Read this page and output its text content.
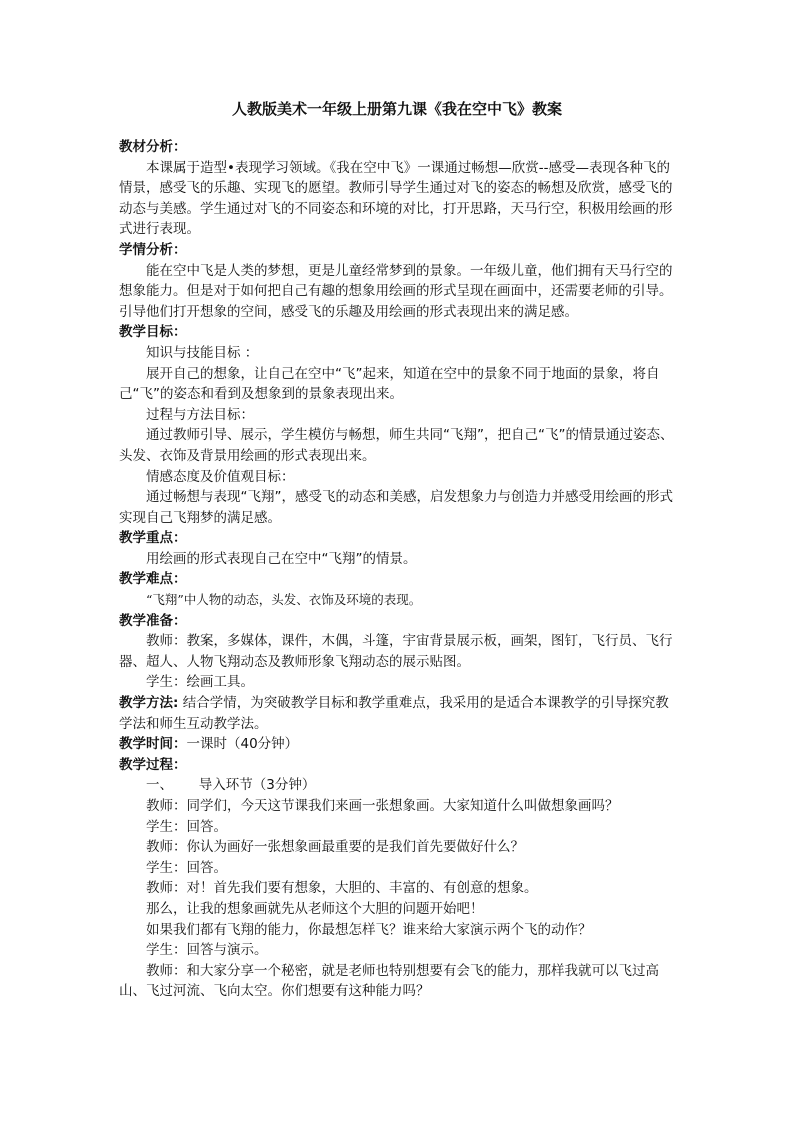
人教版美术一年级上册第九课《我在空中飞》教案

教材分析：

本课属于造型•表现学习领域。《我在空中飞》一课通过畅想—欣赏--感受—表现各种飞的情景，感受飞的乐趣、实现飞的愿望。教师引导学生通过对飞的姿态的畅想及欣赏，感受飞的动态与美感。学生通过对飞的不同姿态和环境的对比，打开思路，天马行空，积极用绘画的形式进行表现。

学情分析：

能在空中飞是人类的梦想，更是儿童经常梦到的景象。一年级儿童，他们拥有天马行空的想象能力。但是对于如何把自己有趣的想象用绘画的形式呈现在画面中，还需要老师的引导。引导他们打开想象的空间，感受飞的乐趣及用绘画的形式表现出来的满足感。

教学目标：

知识与技能目标 ：

展开自己的想象，让自己在空中“飞”起来，知道在空中的景象不同于地面的景象，将自己“飞”的姿态和看到及想象到的景象表现出来。

过程与方法目标：

通过教师引导、展示，学生模仿与畅想，师生共同“飞翔”，把自己“飞”的情景通过姿态、头发、衣饰及背景用绘画的形式表现出来。

情感态度及价值观目标：

通过畅想与表现“飞翔”，感受飞的动态和美感，启发想象力与创造力并感受用绘画的形式实现自己飞翔梦的满足感。

教学重点：

用绘画的形式表现自己在空中“飞翔”的情景。

教学难点：

“飞翔”中人物的动态，头发、衣饰及环境的表现。

教学准备：

教师：教案，多媒体，课件，木偶，斗篷，宇宙背景展示板，画架，图钉，飞行员、飞行器、超人、人物飞翔动态及教师形象飞翔动态的展示贴图。

学生：绘画工具。

教学方法: 结合学情，为突破教学目标和教学重难点，我采用的是适合本课教学的引导探究教学法和师生互动教学法。

教学时间：一课时（40分钟）

教学过程：

一、      导入环节（3分钟）

教师：同学们，今天这节课我们来画一张想象画。大家知道什么叫做想象画吗？

学生：回答。

教师：你认为画好一张想象画最重要的是我们首先要做好什么？

学生：回答。

教师：对！首先我们要有想象，大胆的、丰富的、有创意的想象。

那么，让我的想象画就先从老师这个大胆的问题开始吧！

如果我们都有飞翔的能力，你最想怎样飞？谁来给大家演示两个飞的动作？

学生：回答与演示。

教师：和大家分享一个秘密，就是老师也特别想要有会飞的能力，那样我就可以飞过高山、飞过河流、飞向太空。你们想要有这种能力吗？
